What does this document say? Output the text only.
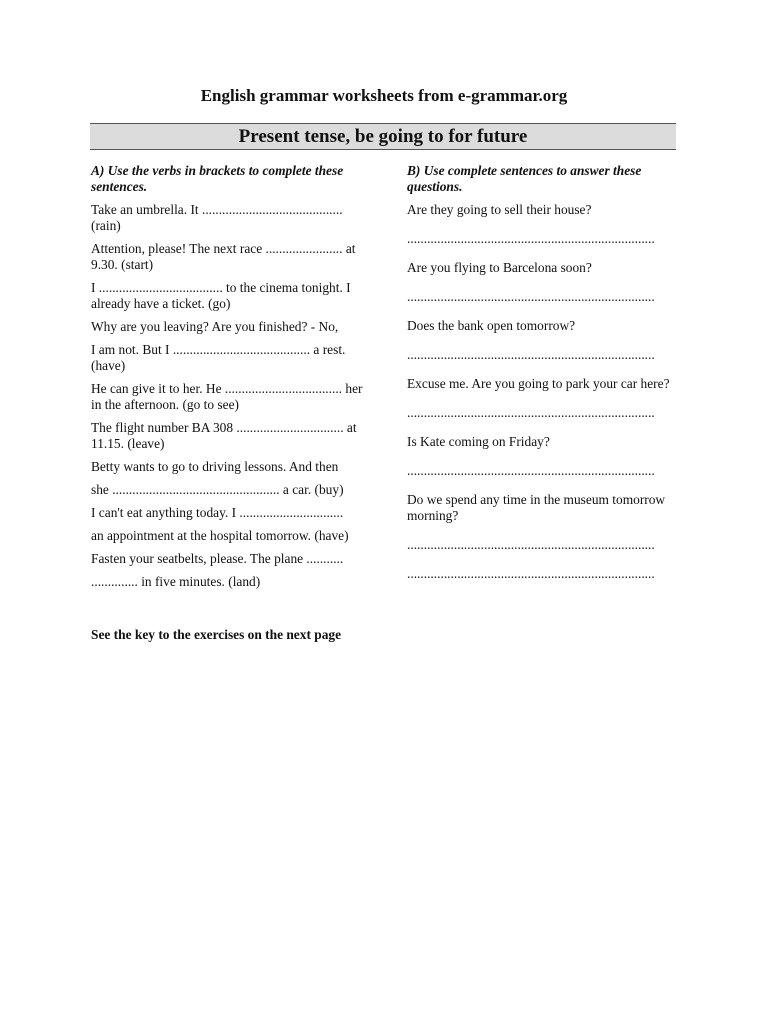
English grammar worksheets from e-grammar.org
Present tense, be going to for future
A) Use the verbs in brackets to complete these sentences.
Take an umbrella. It .......................................... (rain)
Attention, please! The next race ....................... at 9.30. (start)
I ..................................... to the cinema tonight. I already have a ticket. (go)
Why are you leaving? Are you finished? - No,
I am not. But I ......................................... a rest. (have)
He can give it to her. He ................................... her in the afternoon. (go to see)
The flight number BA 308 ................................ at 11.15. (leave)
Betty wants to go to driving lessons. And then
she .................................................. a car. (buy)
I can't eat anything today. I ...............................
an appointment at the hospital tomorrow. (have)
Fasten your seatbelts, please. The plane ...........
.............. in five minutes. (land)
B) Use complete sentences to answer these questions.
Are they going to sell their house?
..........................................................................
Are you flying to Barcelona soon?
..........................................................................
Does the bank open tomorrow?
..........................................................................
Excuse me. Are you going to park your car here?
..........................................................................
Is Kate coming on Friday?
..........................................................................
Do we spend any time in the museum tomorrow morning?
..........................................................................
..........................................................................
See the key to the exercises on the next page
